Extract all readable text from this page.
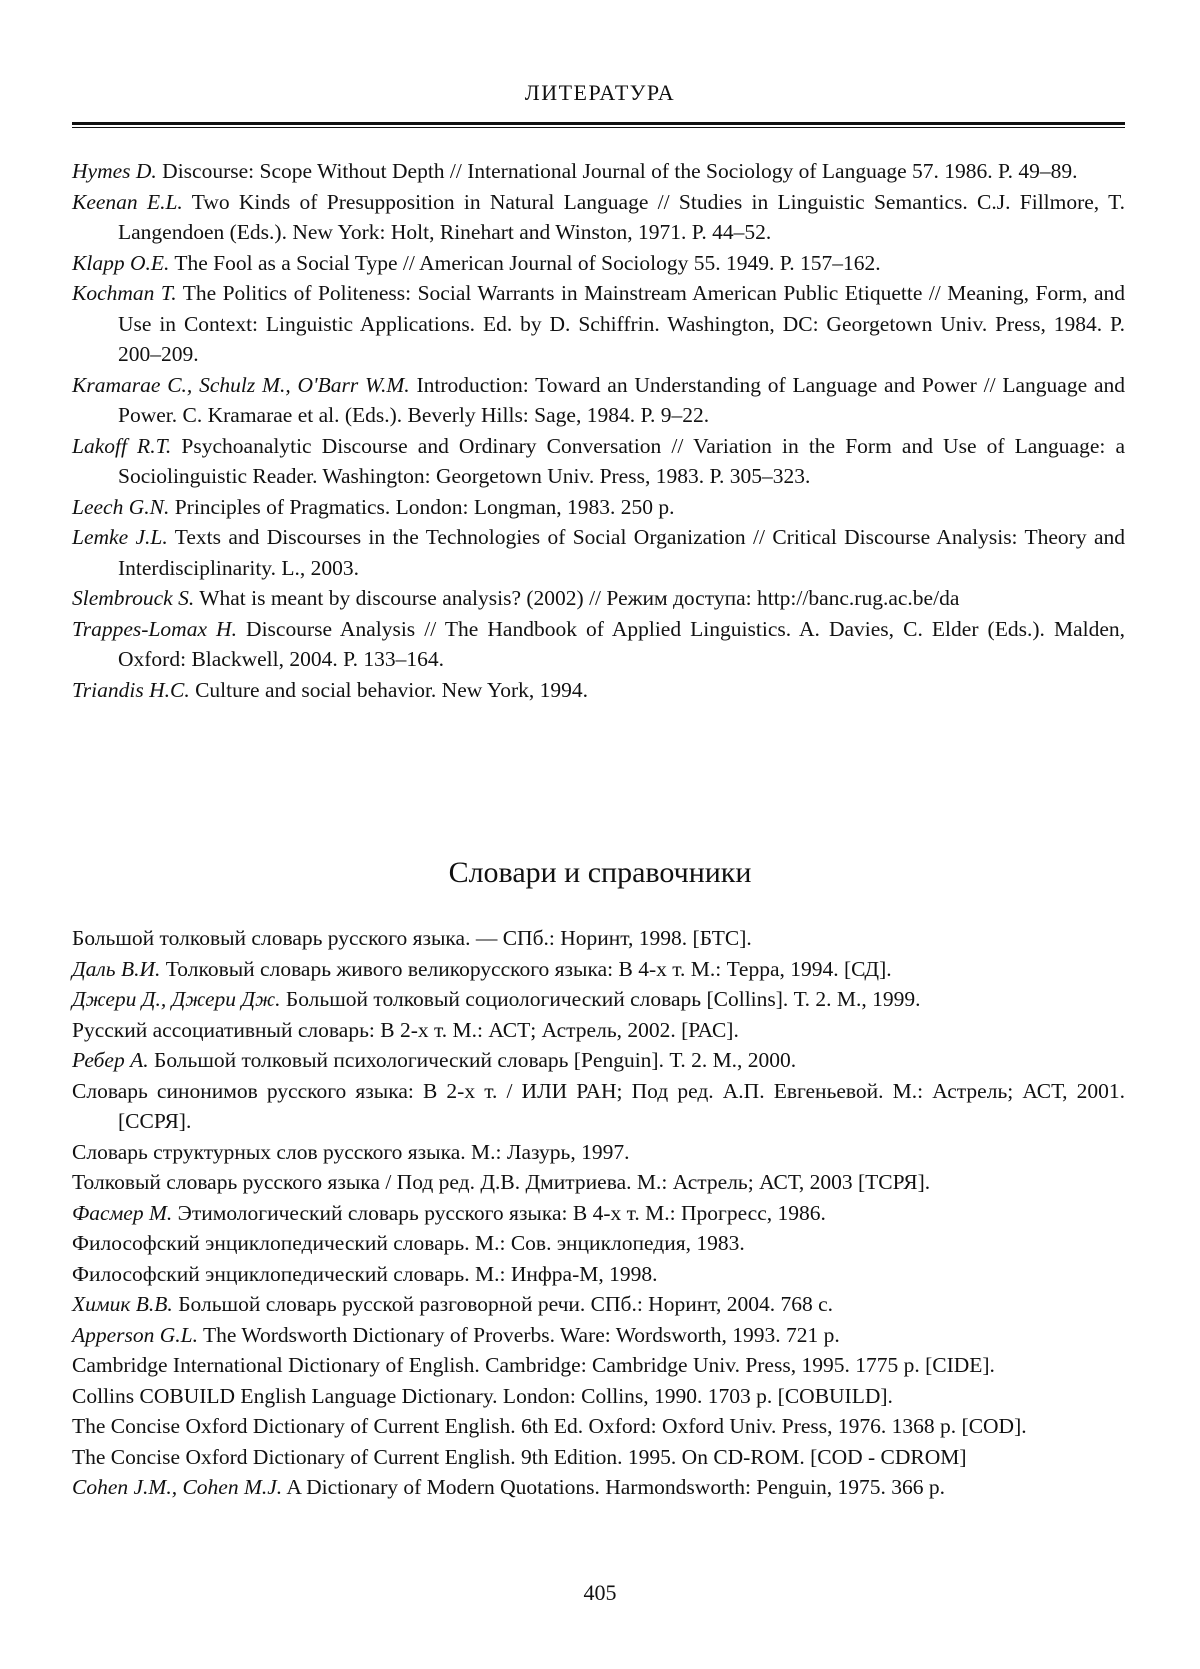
ЛИТЕРАТУРА

Hymes D. Discourse: Scope Without Depth // International Journal of the Sociology of Language 57. 1986. P. 49–89.

Keenan E.L. Two Kinds of Presupposition in Natural Language // Studies in Linguistic Semantics. C.J. Fillmore, T. Langendoen (Eds.). New York: Holt, Rinehart and Winston, 1971. P. 44–52.

Klapp O.E. The Fool as a Social Type // American Journal of Sociology 55. 1949. P. 157–162.

Kochman T. The Politics of Politeness: Social Warrants in Mainstream American Public Etiquette // Meaning, Form, and Use in Context: Linguistic Applications. Ed. by D. Schiffrin. Washington, DC: Georgetown Univ. Press, 1984. P. 200–209.

Kramarae C., Schulz M., O'Barr W.M. Introduction: Toward an Understanding of Language and Power // Language and Power. C. Kramarae et al. (Eds.). Beverly Hills: Sage, 1984. P. 9–22.

Lakoff R.T. Psychoanalytic Discourse and Ordinary Conversation // Variation in the Form and Use of Language: a Sociolinguistic Reader. Washington: Georgetown Univ. Press, 1983. P. 305–323.

Leech G.N. Principles of Pragmatics. London: Longman, 1983. 250 p.

Lemke J.L. Texts and Discourses in the Technologies of Social Organization // Critical Discourse Analysis: Theory and Interdisciplinarity. L., 2003.

Slembrouck S. What is meant by discourse analysis? (2002) // Режим доступа: http://banc.rug.ac.be/da

Trappes-Lomax H. Discourse Analysis // The Handbook of Applied Linguistics. A. Davies, C. Elder (Eds.). Malden, Oxford: Blackwell, 2004. P. 133–164.

Triandis H.C. Culture and social behavior. New York, 1994.

Словари и справочники

Большой толковый словарь русского языка. — СПб.: Норинт, 1998. [БТС].

Даль В.И. Толковый словарь живого великорусского языка: В 4-х т. М.: Терра, 1994. [СД].

Джери Д., Джери Дж. Большой толковый социологический словарь [Collins]. Т. 2. М., 1999.

Русский ассоциативный словарь: В 2-х т. М.: АСТ; Астрель, 2002. [РАС].

Ребер А. Большой толковый психологический словарь [Penguin]. Т. 2. М., 2000.

Словарь синонимов русского языка: В 2-х т. / ИЛИ РАН; Под ред. А.П. Евгеньевой. М.: Астрель; АСТ, 2001. [ССРЯ].

Словарь структурных слов русского языка. М.: Лазурь, 1997.

Толковый словарь русского языка / Под ред. Д.В. Дмитриева. М.: Астрель; АСТ, 2003 [ТСРЯ].

Фасмер М. Этимологический словарь русского языка: В 4-х т. М.: Прогресс, 1986.

Философский энциклопедический словарь. М.: Сов. энциклопедия, 1983.

Философский энциклопедический словарь. М.: Инфра-М, 1998.

Химик В.В. Большой словарь русской разговорной речи. СПб.: Норинт, 2004. 768 с.

Apperson G.L. The Wordsworth Dictionary of Proverbs. Ware: Wordsworth, 1993. 721 p.

Cambridge International Dictionary of English. Cambridge: Cambridge Univ. Press, 1995. 1775 p. [CIDE].

Collins COBUILD English Language Dictionary. London: Collins, 1990. 1703 p. [COBUILD].

The Concise Oxford Dictionary of Current English. 6th Ed. Oxford: Oxford Univ. Press, 1976. 1368 p. [COD].

The Concise Oxford Dictionary of Current English. 9th Edition. 1995. On CD-ROM. [COD - CDROM]

Cohen J.M., Cohen M.J. A Dictionary of Modern Quotations. Harmondsworth: Penguin, 1975. 366 p.

405
